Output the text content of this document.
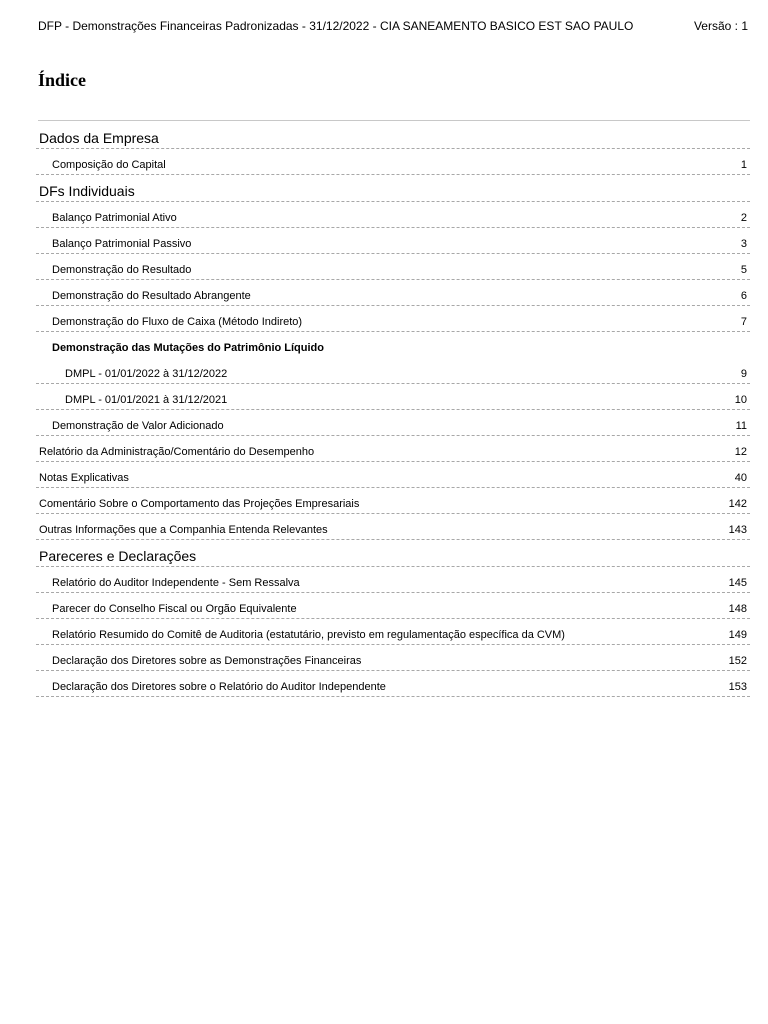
DFP - Demonstrações Financeiras Padronizadas - 31/12/2022 - CIA SANEAMENTO BASICO EST SAO PAULO	Versão : 1
Índice
Dados da Empresa
Composição do Capital	1
DFs Individuais
Balanço Patrimonial Ativo	2
Balanço Patrimonial Passivo	3
Demonstração do Resultado	5
Demonstração do Resultado Abrangente	6
Demonstração do Fluxo de Caixa (Método Indireto)	7
Demonstração das Mutações do Patrimônio Líquido
DMPL - 01/01/2022 à 31/12/2022	9
DMPL - 01/01/2021 à 31/12/2021	10
Demonstração de Valor Adicionado	11
Relatório da Administração/Comentário do Desempenho	12
Notas Explicativas	40
Comentário Sobre o Comportamento das Projeções Empresariais	142
Outras Informações que a Companhia Entenda Relevantes	143
Pareceres e Declarações
Relatório do Auditor Independente - Sem Ressalva	145
Parecer do Conselho Fiscal ou Orgão Equivalente	148
Relatório Resumido do Comitê de Auditoria (estatutário, previsto em regulamentação específica da CVM)	149
Declaração dos Diretores sobre as Demonstrações Financeiras	152
Declaração dos Diretores sobre o Relatório do Auditor Independente	153
